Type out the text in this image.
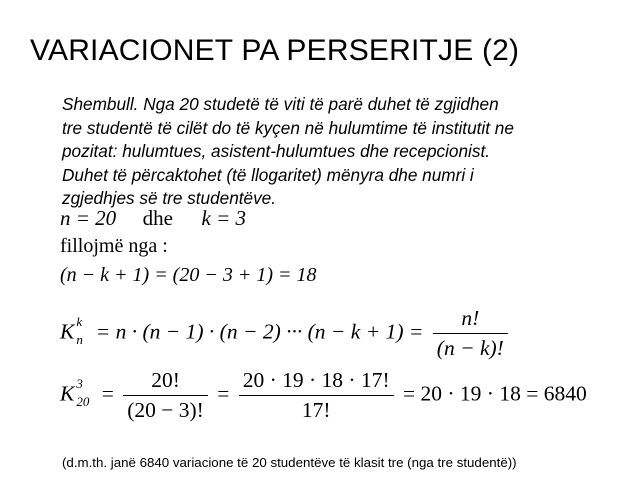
VARIACIONET PA PERSERITJE (2)
Shembull. Nga 20 studetë të viti të parë duhet të zgjidhen
tre studentë të cilët do të kyçen në hulumtime të institutit ne
pozitat: hulumtues, asistent-hulumtues dhe recepcionist.
Duhet të përcaktohet (të llogaritet) mënyra dhe numri i
zgjedhjes së tre studentëve.
n = 20 dhe k = 3
fillojmë nga :
(n − k + 1) = (20 − 3 + 1) = 18
K k
n = n · (n − 1) · (n − 2) ··· $(n - k + 1) = \frac{n!}{(n - k)!}$
K 3
$20 = \frac{20!}{(20 - 3)!} = \frac{20 \cdot 19 \cdot 18 \cdot 17!}{17!} = 20 \cdot 19 \cdot 18 = 6840$
(d.m.th. janë 6840 variacione të 20 studentëve të klasit tre (nga tre studentë))
